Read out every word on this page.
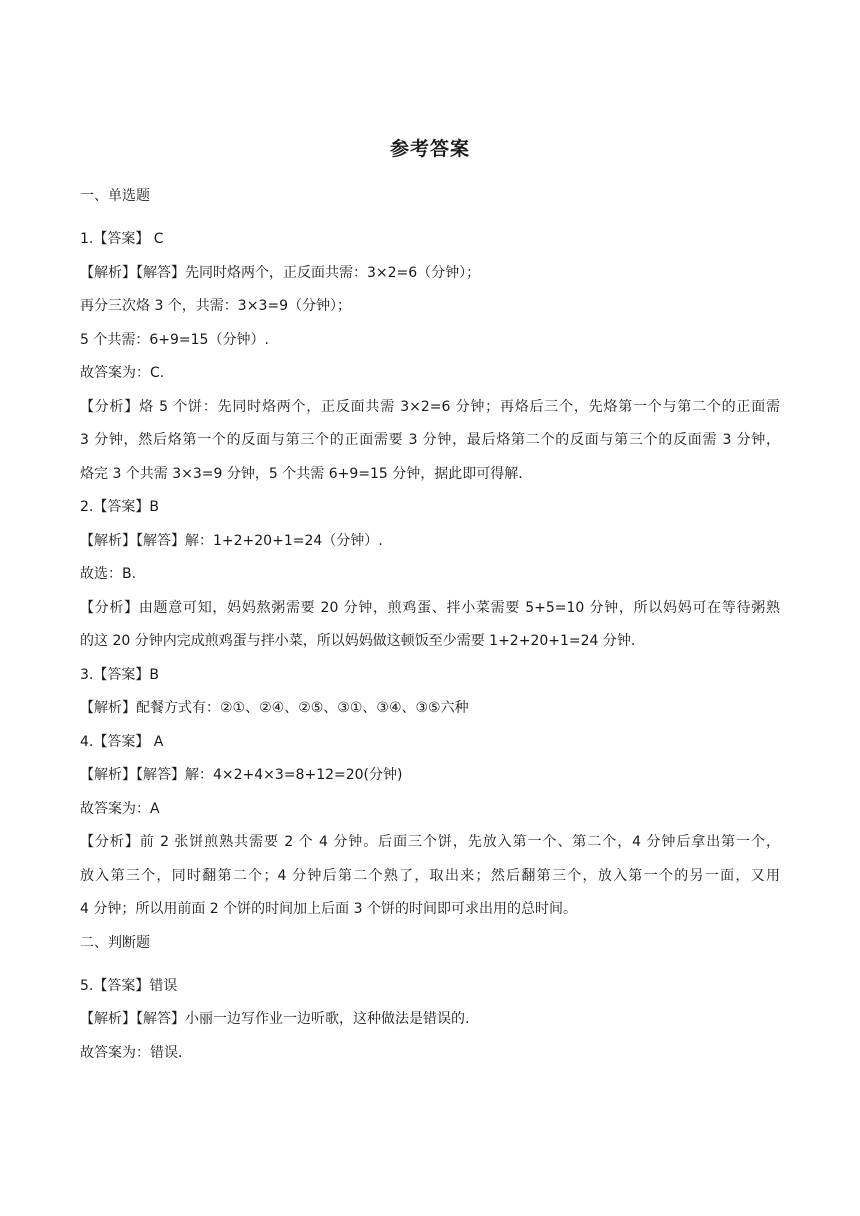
参考答案
一、单选题
1.【答案】 C
【解析】【解答】先同时烙两个，正反面共需：3×2=6（分钟）；
再分三次烙 3 个，共需：3×3=9（分钟）；
5 个共需：6+9=15（分钟）.
故答案为：C.
【分析】烙 5 个饼：先同时烙两个，正反面共需 3×2=6 分钟；再烙后三个，先烙第一个与第二个的正面需
3 分钟，然后烙第一个的反面与第三个的正面需要 3 分钟，最后烙第二个的反面与第三个的反面需 3 分钟，
烙完 3 个共需 3×3=9 分钟，5 个共需 6+9=15 分钟，据此即可得解.
2.【答案】B
【解析】【解答】解：1+2+20+1=24（分钟）.
故选：B.
【分析】由题意可知，妈妈熬粥需要 20 分钟，煎鸡蛋、拌小菜需要 5+5=10 分钟，所以妈妈可在等待粥熟
的这 20 分钟内完成煎鸡蛋与拌小菜，所以妈妈做这顿饭至少需要 1+2+20+1=24 分钟.
3.【答案】B
【解析】配餐方式有：②①、②④、②⑤、③①、③④、③⑤六种
4.【答案】 A
【解析】【解答】解：4×2+4×3=8+12=20(分钟)
故答案为：A
【分析】前 2 张饼煎熟共需要 2 个 4 分钟。后面三个饼，先放入第一个、第二个，4 分钟后拿出第一个，
放入第三个，同时翻第二个；4 分钟后第二个熟了，取出来；然后翻第三个，放入第一个的另一面，又用
4 分钟；所以用前面 2 个饼的时间加上后面 3 个饼的时间即可求出用的总时间。
二、判断题
5.【答案】错误
【解析】【解答】小丽一边写作业一边听歌，这种做法是错误的.
故答案为：错误.
